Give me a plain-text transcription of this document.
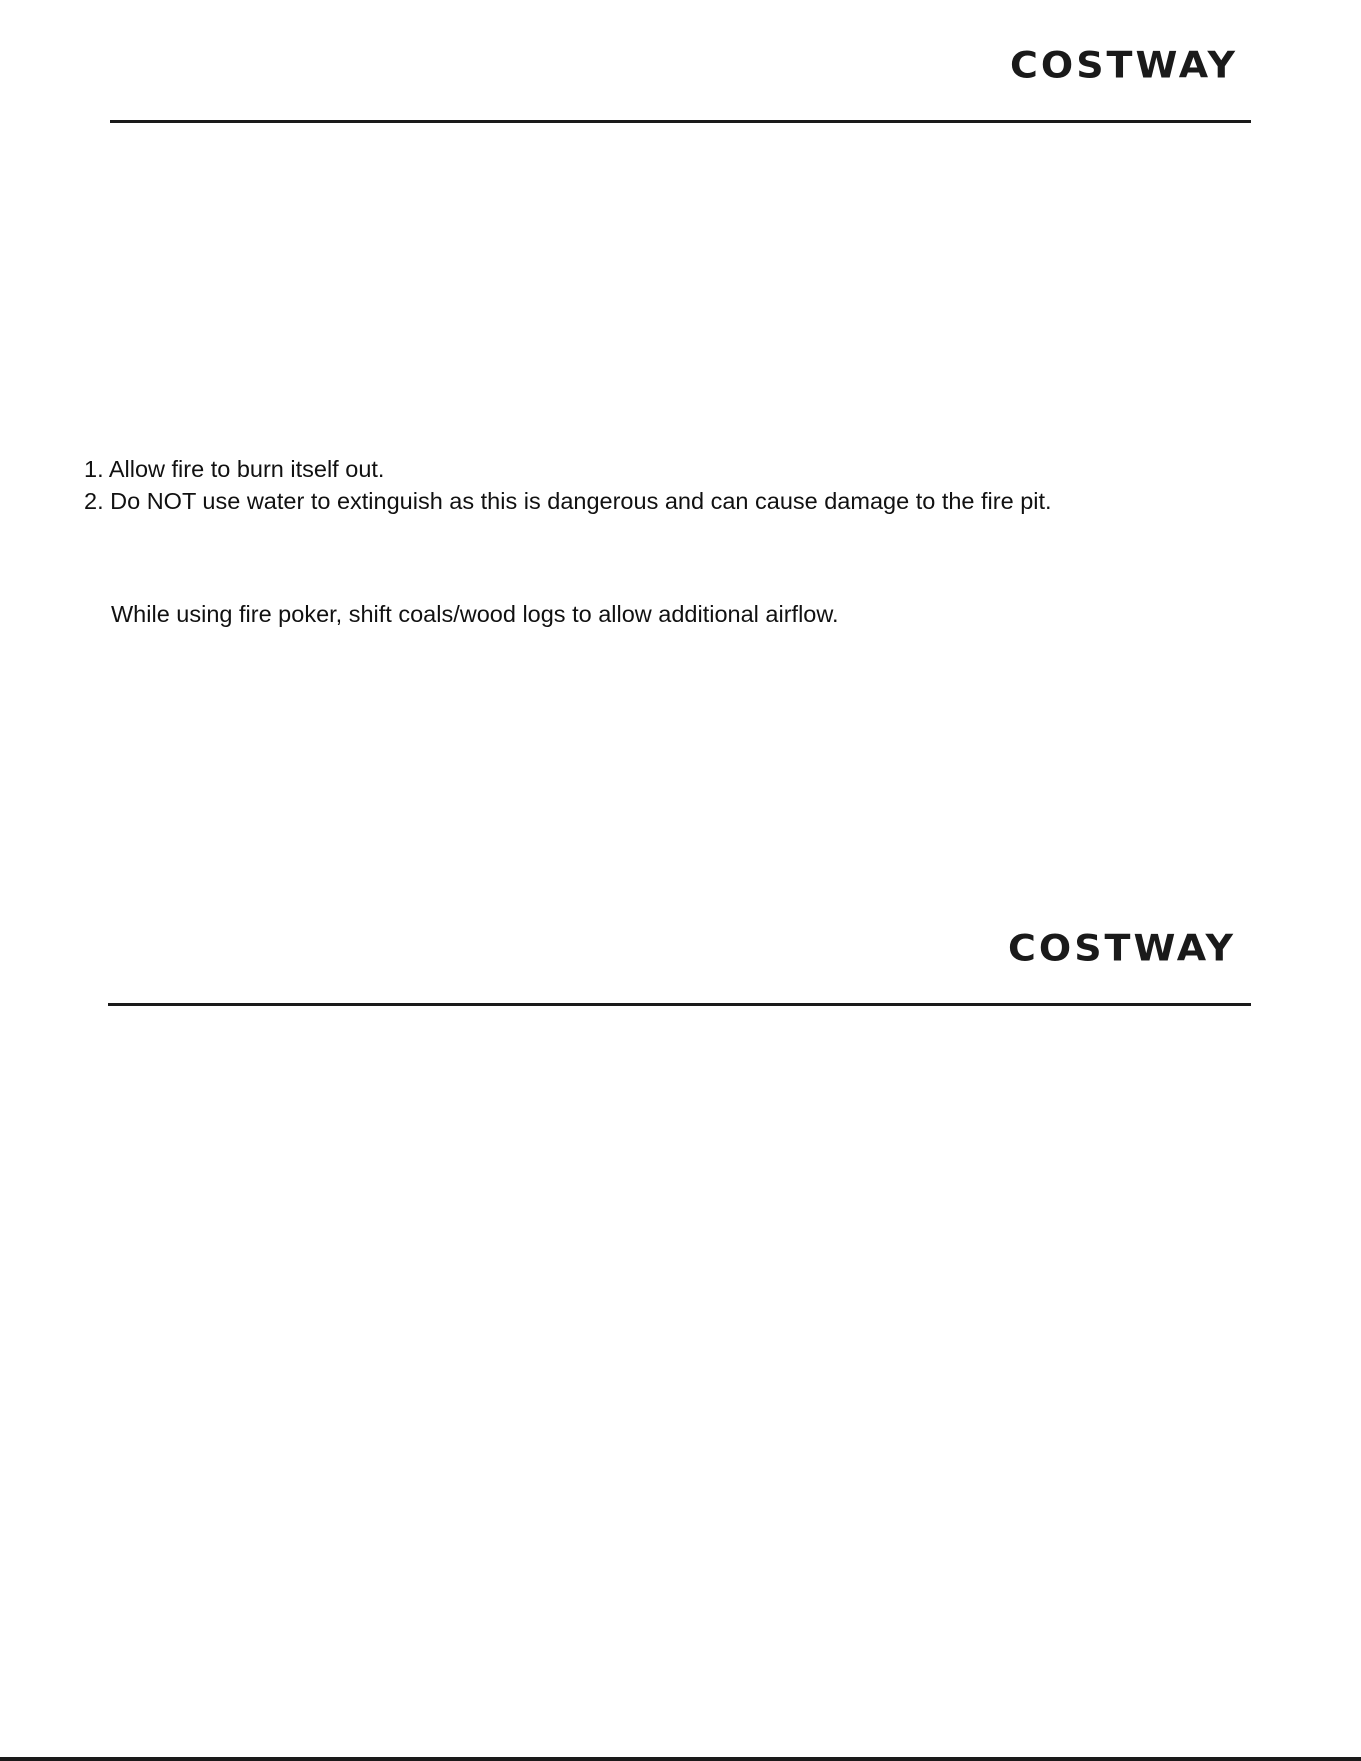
COSTWAY
1. Allow fire to burn itself out.
2. Do NOT use water to extinguish as this is dangerous and can cause damage to the fire pit.
While using fire poker, shift coals/wood logs to allow additional airflow.
COSTWAY
